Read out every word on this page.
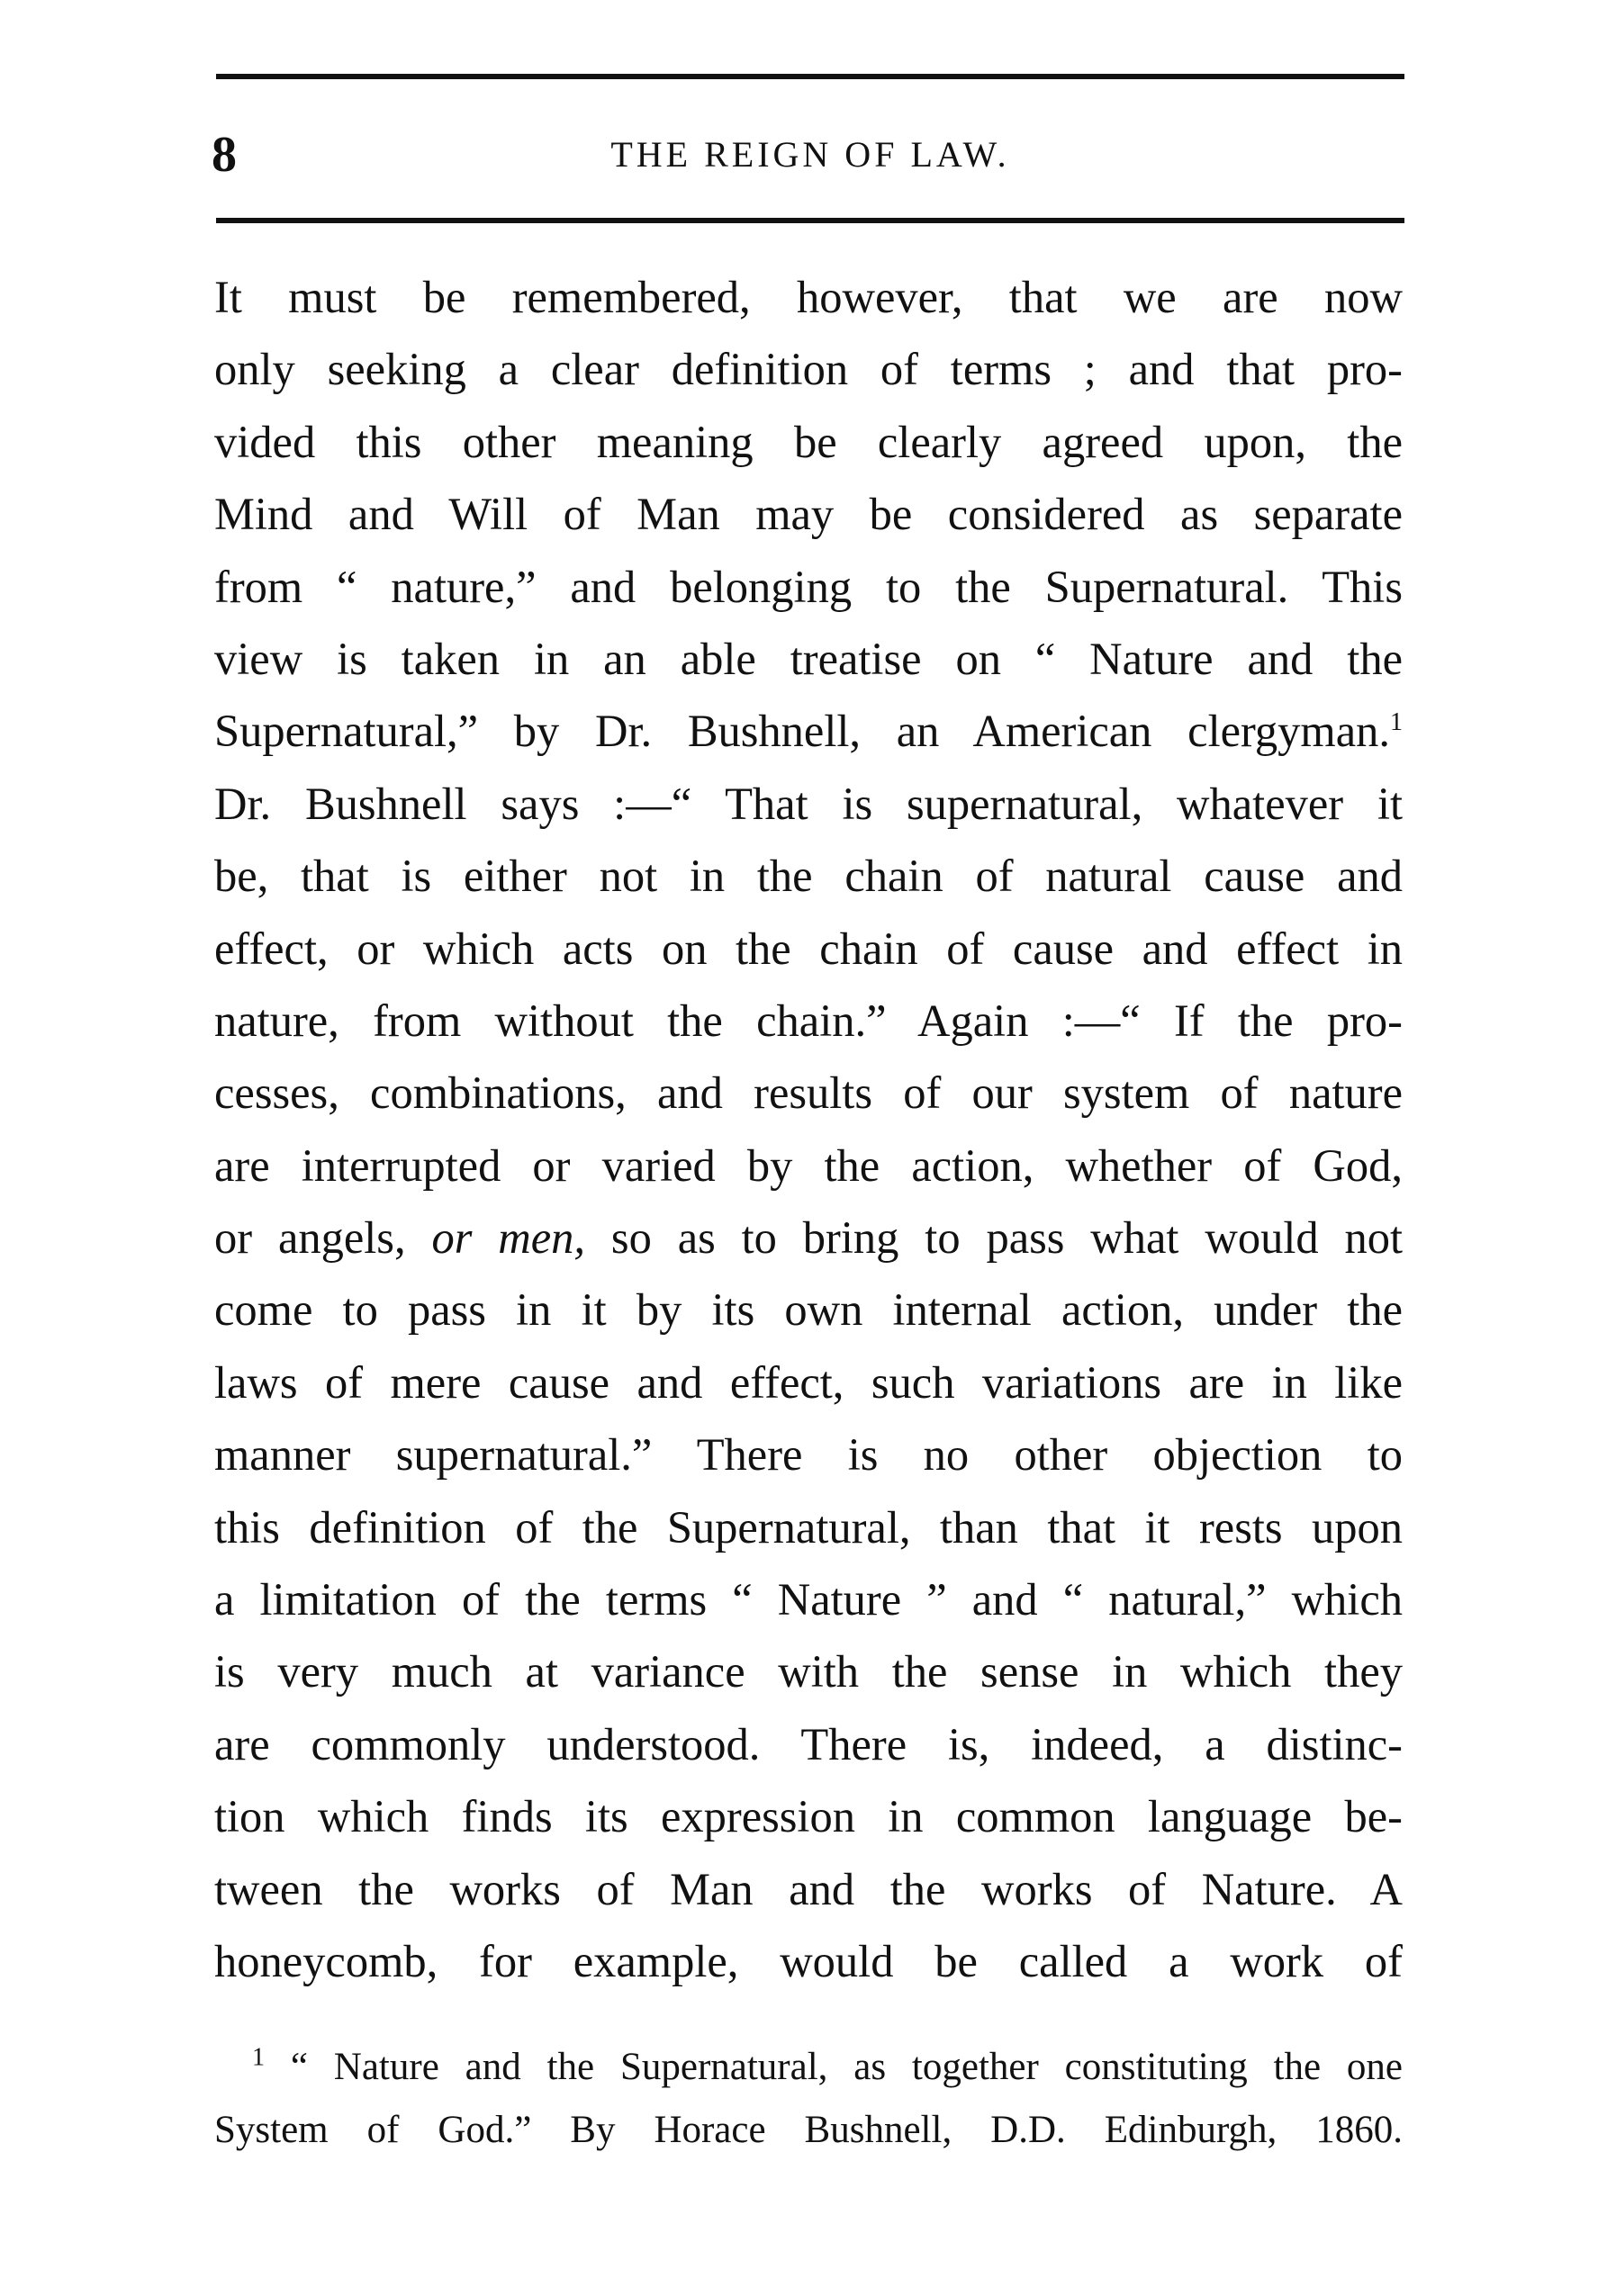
8	THE REIGN OF LAW.
It must be remembered, however, that we are now
only seeking a clear definition of terms ; and that pro-
vided this other meaning be clearly agreed upon, the
Mind and Will of Man may be considered as separate
from “ nature,” and belonging to the Supernatural. This
view is taken in an able treatise on “ Nature and the
Supernatural,” by Dr. Bushnell, an American clergyman.$^1$
Dr. Bushnell says :—“ That is supernatural, whatever it
be, that is either not in the chain of natural cause and
effect, or which acts on the chain of cause and effect in
nature, from without the chain.” Again :—“ If the pro-
cesses, combinations, and results of our system of nature
are interrupted or varied by the action, whether of God,
or angels, or men, so as to bring to pass what would not
come to pass in it by its own internal action, under the
laws of mere cause and effect, such variations are in like
manner supernatural.” There is no other objection to
this definition of the Supernatural, than that it rests upon
a limitation of the terms “ Nature ” and “ natural,” which
is very much at variance with the sense in which they
are commonly understood. There is, indeed, a distinc-
tion which finds its expression in common language be-
tween the works of Man and the works of Nature. A
honeycomb, for example, would be called a work of
$^1$ “ Nature and the Supernatural, as together constituting the one
System of God.” By Horace Bushnell, D.D. Edinburgh, 1860.
